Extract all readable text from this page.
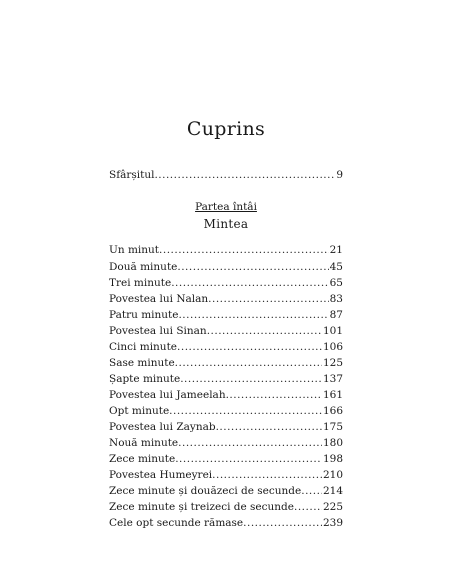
Cuprins
Sfârșitul .....	9
Partea întâi
Mintea
Un minut .....	21
Două minute .....	45
Trei minute .....	65
Povestea lui Nalan .....	83
Patru minute .....	87
Povestea lui Sinan .....	101
Cinci minute .....	106
Sase minute .....	125
Șapte minute .....	137
Povestea lui Jameelah .....	161
Opt minute .....	166
Povestea lui Zaynab .....	175
Nouă minute .....	180
Zece minute .....	198
Povestea Humeyrei .....	210
Zece minute și douăzeci de secunde ..... 214
Zece minute și treizeci de secunde .....	225
Cele opt secunde rămase .....	239
